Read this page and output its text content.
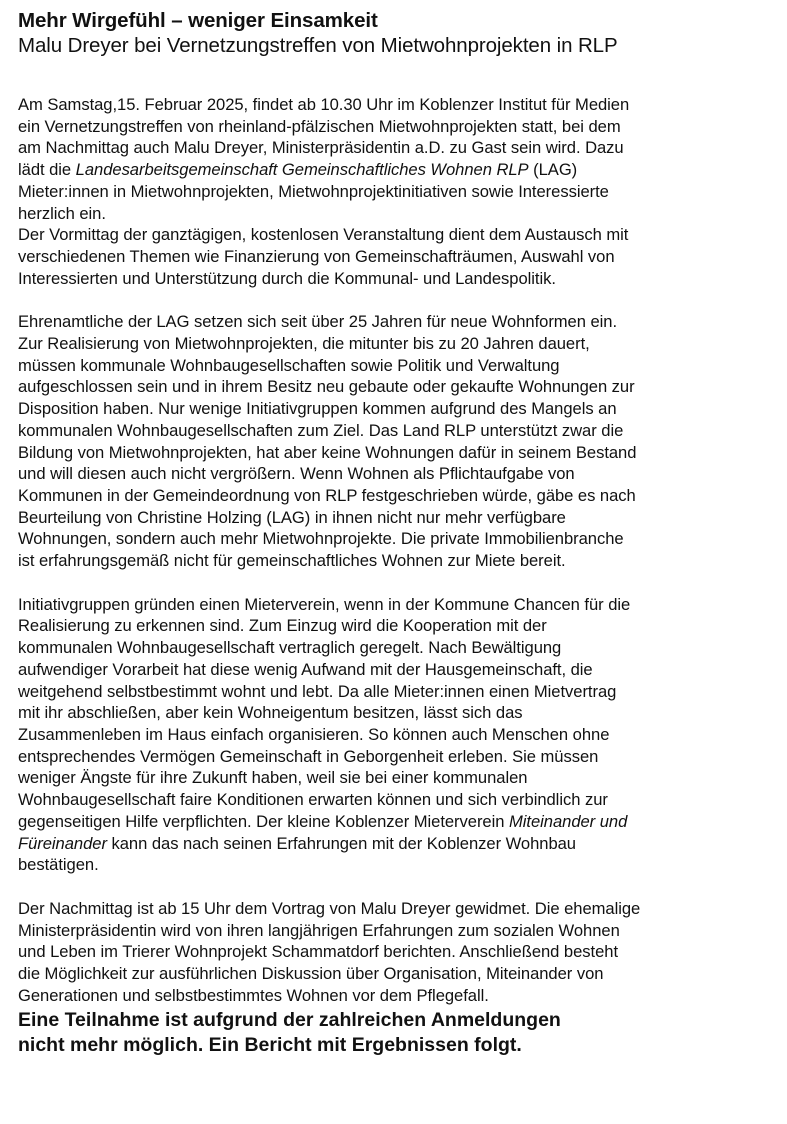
Mehr Wirgefühl – weniger Einsamkeit
Malu Dreyer bei Vernetzungstreffen von Mietwohnprojekten in RLP

Am Samstag,15. Februar 2025, findet ab 10.30 Uhr im Koblenzer Institut für Medien
ein Vernetzungstreffen von rheinland-pfälzischen Mietwohnprojekten statt, bei dem
am Nachmittag auch Malu Dreyer, Ministerpräsidentin a.D. zu Gast sein wird. Dazu
lädt die Landesarbeitsgemeinschaft Gemeinschaftliches Wohnen RLP (LAG)
Mieter:innen in Mietwohnprojekten, Mietwohnprojektinitiativen sowie Interessierte
herzlich ein.
Der Vormittag der ganztägigen, kostenlosen Veranstaltung dient dem Austausch mit
verschiedenen Themen wie Finanzierung von Gemeinschafträumen, Auswahl von
Interessierten und Unterstützung durch die Kommunal- und Landespolitik.

Ehrenamtliche der LAG setzen sich seit über 25 Jahren für neue Wohnformen ein.
Zur Realisierung von Mietwohnprojekten, die mitunter bis zu 20 Jahren dauert,
müssen kommunale Wohnbaugesellschaften sowie Politik und Verwaltung
aufgeschlossen sein und in ihrem Besitz neu gebaute oder gekaufte Wohnungen zur
Disposition haben. Nur wenige Initiativgruppen kommen aufgrund des Mangels an
kommunalen Wohnbaugesellschaften zum Ziel. Das Land RLP unterstützt zwar die
Bildung von Mietwohnprojekten, hat aber keine Wohnungen dafür in seinem Bestand
und will diesen auch nicht vergrößern. Wenn Wohnen als Pflichtaufgabe von
Kommunen in der Gemeindeordnung von RLP festgeschrieben würde, gäbe es nach
Beurteilung von Christine Holzing (LAG) in ihnen nicht nur mehr verfügbare
Wohnungen, sondern auch mehr Mietwohnprojekte. Die private Immobilienbranche
ist erfahrungsgemäß nicht für gemeinschaftliches Wohnen zur Miete bereit.

Initiativgruppen gründen einen Mieterverein, wenn in der Kommune Chancen für die
Realisierung zu erkennen sind. Zum Einzug wird die Kooperation mit der
kommunalen Wohnbaugesellschaft vertraglich geregelt. Nach Bewältigung
aufwendiger Vorarbeit hat diese wenig Aufwand mit der Hausgemeinschaft, die
weitgehend selbstbestimmt wohnt und lebt. Da alle Mieter:innen einen Mietvertrag
mit ihr abschließen, aber kein Wohneigentum besitzen, lässt sich das
Zusammenleben im Haus einfach organisieren. So können auch Menschen ohne
entsprechendes Vermögen Gemeinschaft in Geborgenheit erleben. Sie müssen
weniger Ängste für ihre Zukunft haben, weil sie bei einer kommunalen
Wohnbaugesellschaft faire Konditionen erwarten können und sich verbindlich zur
gegenseitigen Hilfe verpflichten. Der kleine Koblenzer Mieterverein Miteinander und
Füreinander kann das nach seinen Erfahrungen mit der Koblenzer Wohnbau
bestätigen.

Der Nachmittag ist ab 15 Uhr dem Vortrag von Malu Dreyer gewidmet. Die ehemalige
Ministerpräsidentin wird von ihren langjährigen Erfahrungen zum sozialen Wohnen
und Leben im Trierer Wohnprojekt Schammatdorf berichten. Anschließend besteht
die Möglichkeit zur ausführlichen Diskussion über Organisation, Miteinander von
Generationen und selbstbestimmtes Wohnen vor dem Pflegefall.

Eine Teilnahme ist aufgrund der zahlreichen Anmeldungen
nicht mehr möglich. Ein Bericht mit Ergebnissen folgt.
